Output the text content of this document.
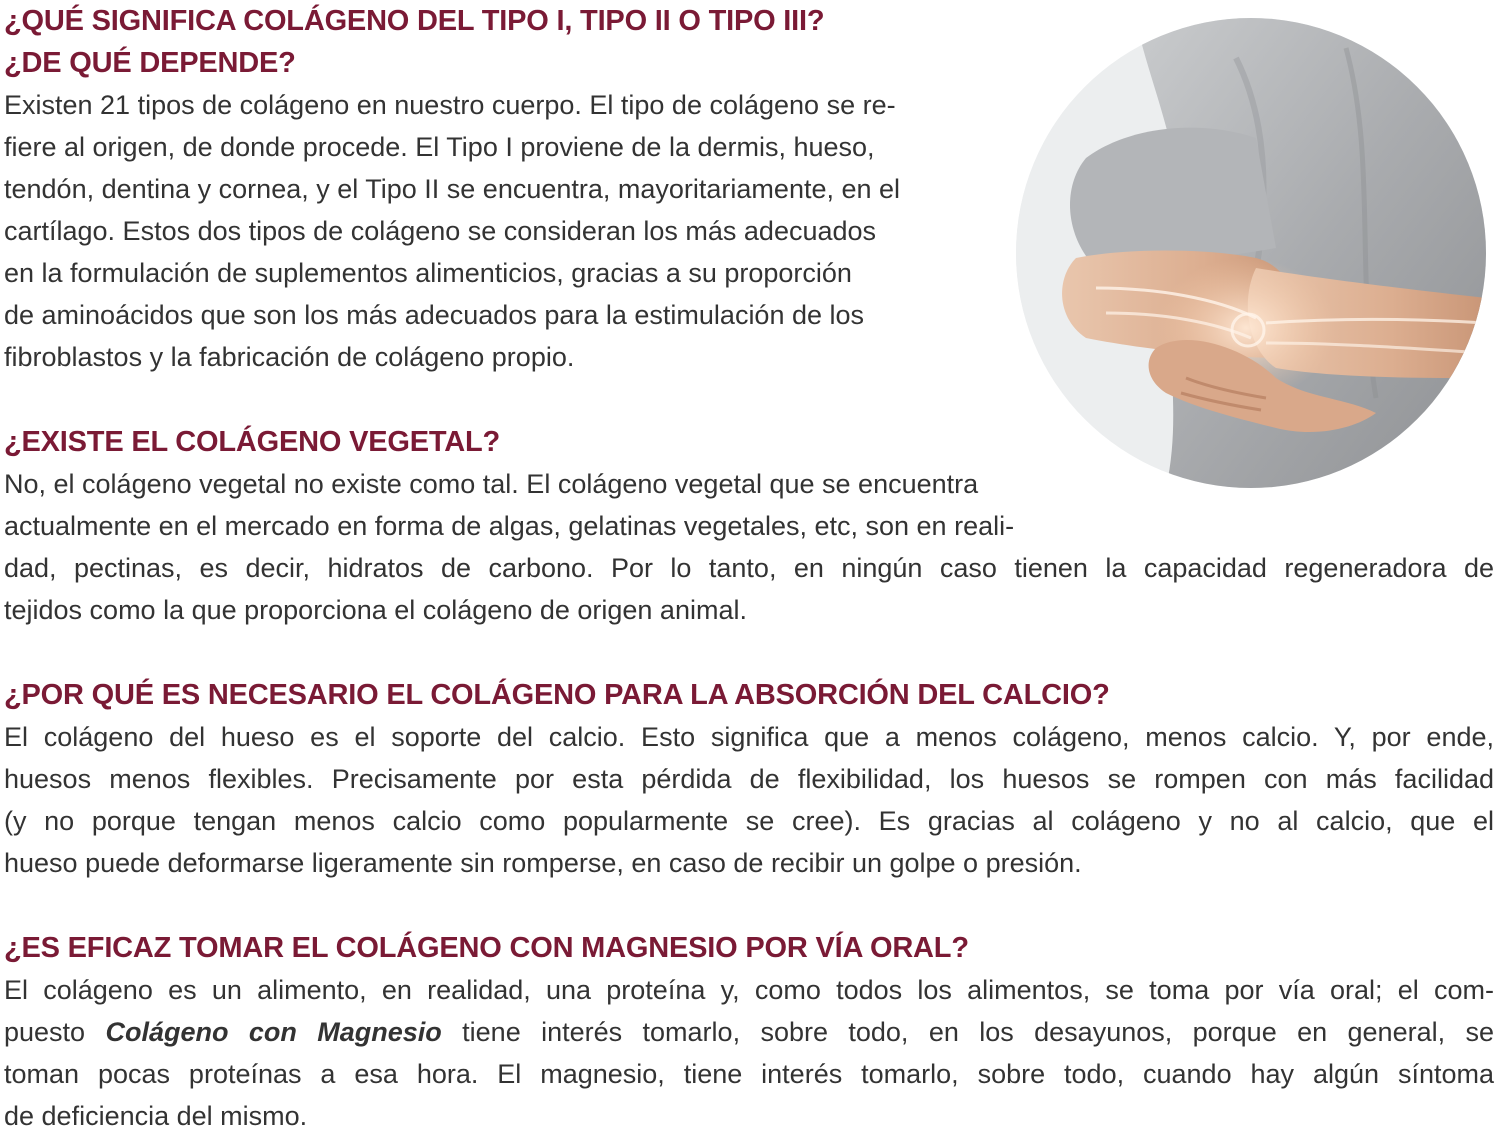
¿QUÉ SIGNIFICA COLÁGENO DEL TIPO I, TIPO II O TIPO III?
¿DE QUÉ DEPENDE?

Existen 21 tipos de colágeno en nuestro cuerpo. El tipo de colágeno se re-

fiere al origen, de donde procede. El Tipo I proviene de la dermis, hueso,

tendón, dentina y cornea, y el Tipo II se encuentra, mayoritariamente, en el

cartílago. Estos dos tipos de colágeno se consideran los más adecuados

en la formulación de suplementos alimenticios, gracias a su proporción

de aminoácidos que son los más adecuados para la estimulación de los

fibroblastos y la fabricación de colágeno propio.

¿EXISTE EL COLÁGENO VEGETAL?

No, el colágeno vegetal no existe como tal. El colágeno vegetal que se encuentra

actualmente en el mercado en forma de algas, gelatinas vegetales, etc, son en reali-

dad, pectinas, es decir, hidratos de carbono. Por lo tanto, en ningún caso tienen la capacidad regeneradora de

tejidos como la que proporciona el colágeno de origen animal.

¿POR QUÉ ES NECESARIO EL COLÁGENO PARA LA ABSORCIÓN DEL CALCIO?

El colágeno del hueso es el soporte del calcio. Esto significa que a menos colágeno, menos calcio. Y, por ende,

huesos menos flexibles. Precisamente por esta pérdida de flexibilidad, los huesos se rompen con más facilidad

(y no porque tengan menos calcio como popularmente se cree). Es gracias al colágeno y no al calcio, que el

hueso puede deformarse ligeramente sin romperse, en caso de recibir un golpe o presión.

¿ES EFICAZ TOMAR EL COLÁGENO CON MAGNESIO POR VÍA ORAL?

El colágeno es un alimento, en realidad, una proteína y, como todos los alimentos, se toma por vía oral; el com-

puesto Colágeno con Magnesio tiene interés tomarlo, sobre todo, en los desayunos, porque en general, se

toman pocas proteínas a esa hora. El magnesio, tiene interés tomarlo, sobre todo, cuando hay algún síntoma

de deficiencia del mismo.
